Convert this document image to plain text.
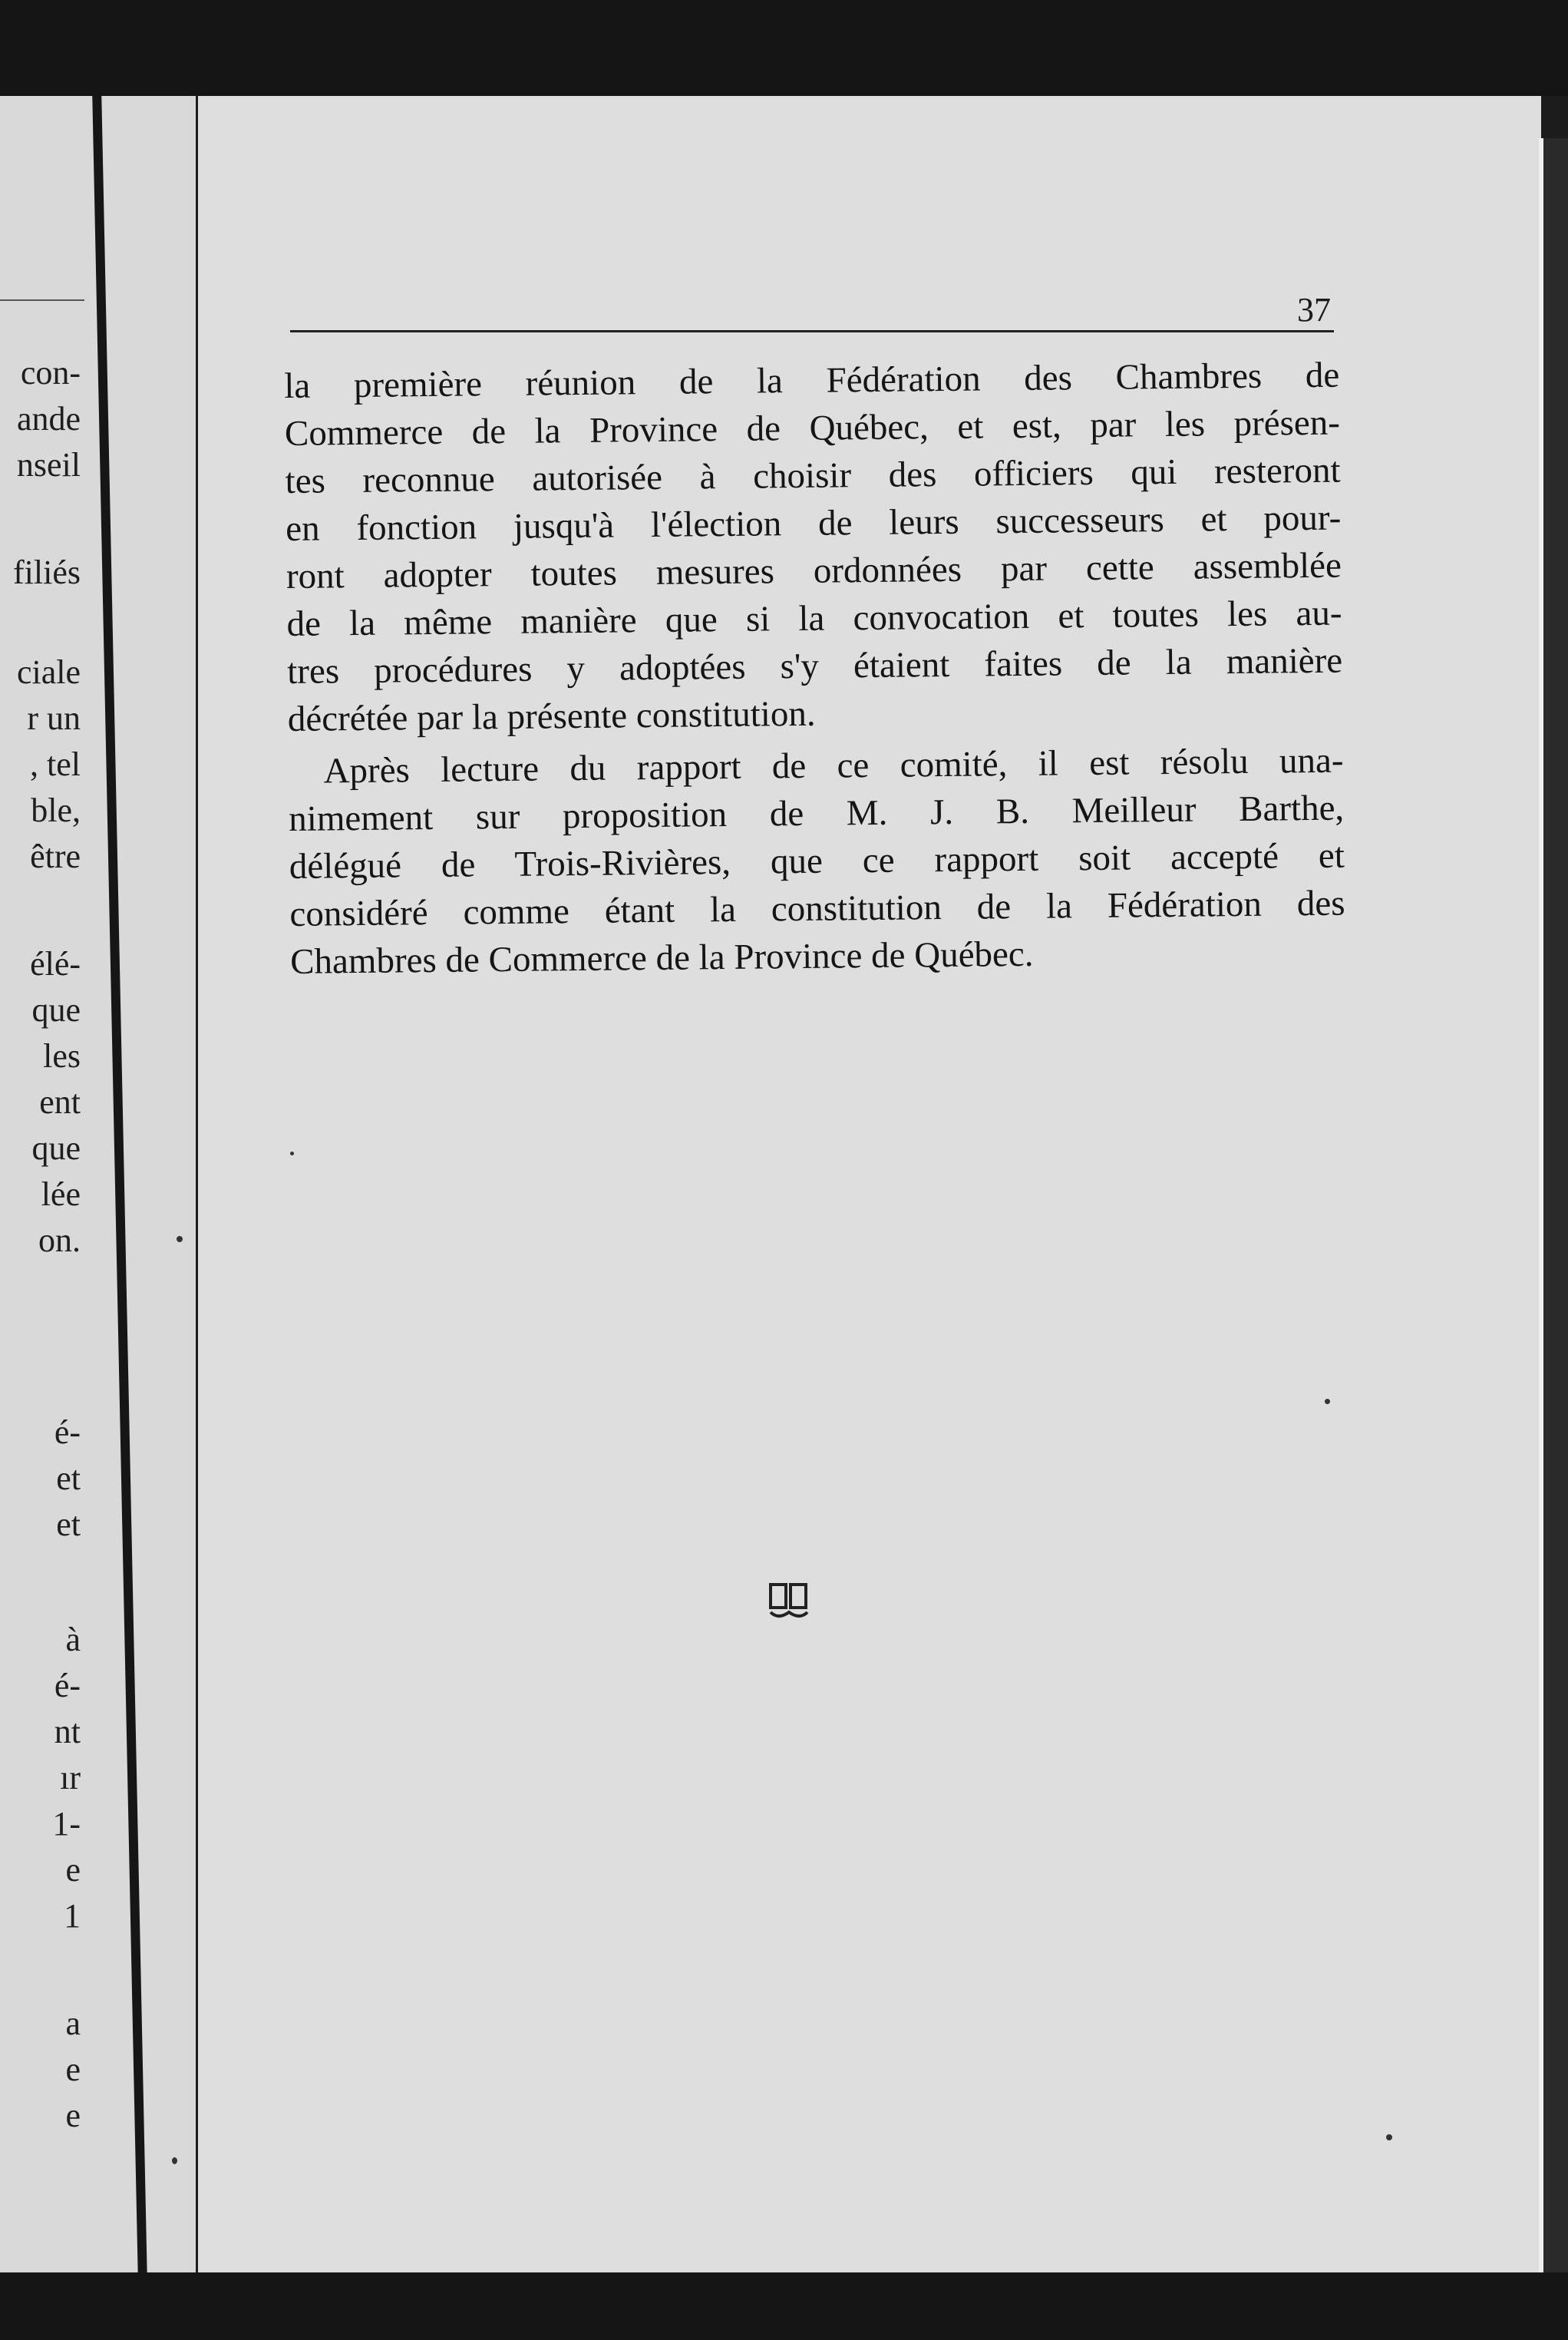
con-
ande
nseil
filiés
ciale
r un
, tel
ble,
être
élé-
que
les
ent
que
lée
on.
é-
et
et
à
é-
nt
ır
1-
e
1
a
e
e
37
la première réunion de la Fédération des Chambres de
Commerce de la Province de Québec, et est, par les présen-
tes reconnue autorisée à choisir des officiers qui resteront
en fonction jusqu'à l'élection de leurs successeurs et pour-
ront adopter toutes mesures ordonnées par cette assemblée
de la même manière que si la convocation et toutes les au-
tres procédures y adoptées s'y étaient faites de la manière
décrétée par la présente constitution.
Après lecture du rapport de ce comité, il est résolu una-
nimement sur proposition de M. J. B. Meilleur Barthe,
délégué de Trois-Rivières, que ce rapport soit accepté et
considéré comme étant la constitution de la Fédération des
Chambres de Commerce de la Province de Québec.
